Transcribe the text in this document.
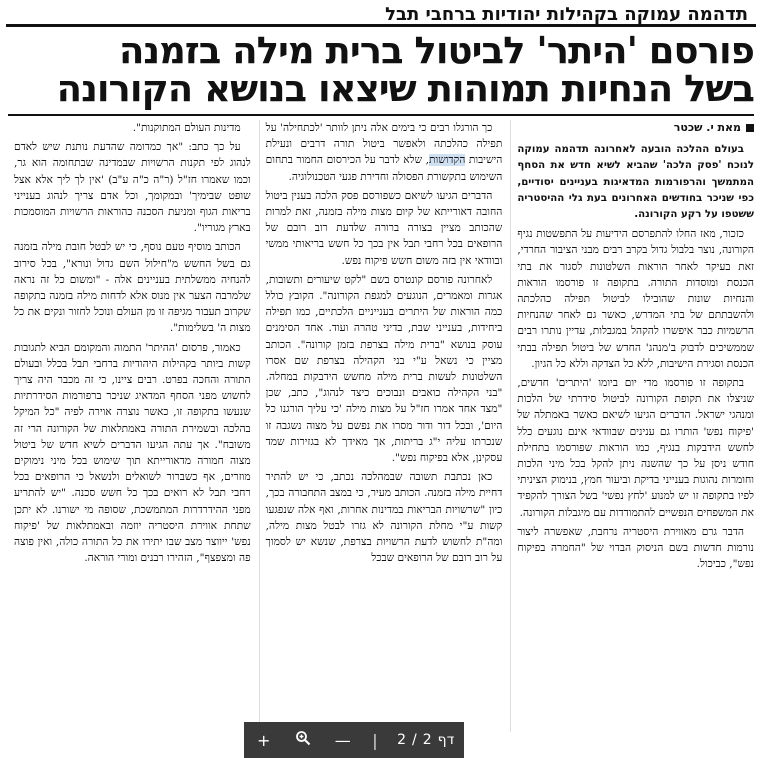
תדהמה עמוקה בקהילות יהודיות ברחבי תבל
פורסם 'היתר' לביטול ברית מילה בזמנה
בשל הנחיות תמוהות שיצאו בנושא הקורונה
מאת י. שכטר

בעולם ההלכה הובעה לאחרונה תדהמה עמוקה לנוכח 'פסק הלכה' שהביא לשיא חדש את הסחף המתמשך והרפורמות המדאיגות בעניינים יסודיים, כפי שניכר בחודשים האחרונים בעת גלי ההיסטריה ששטפו על רקע הקורונה.

כזכור, מאז החלו להתפרסם הידיעות על התפשטות נגיף הקורונה, נוצר בלבול גדול בקרב רבים מבני הציבור החרדי, זאת בעיקר לאחר הוראות השלטונות לסגור את בתי הכנסת ומוסדות התורה. בתקופה זו פורסמו הוראות והנחיות שונות שהובילו לביטול תפילה כהלכתה ולהשבתתם של בתי המדרש, כאשר גם לאחר שהנחיות הרשמיות כבר איפשרו להקהל במגבלות, עדיין נותרו רבים שממשיכים לדבוק ב'מנהג' החדש של ביטול תפילה בבתי הכנסת וסגירת הישיבות, ללא כל הצדקה וללא כל הגיון.

בתקופה זו פורסמו מדי יום ביומו 'היתרים' חדשים, שניצלו את תקופת הקורונה לביטול סידרתי של הלכות ומנהגי ישראל. הדברים הגיעו לשיאם כאשר באמתלה של 'פיקוח נפש' הותרו גם ענינים שבוודאי אינם נוגעים כלל לחשש הידבקות בנגיף, כמו הוראות שפורסמו בתחילת חודש ניסן על כך שהשנה ניתן להקל בכל מיני הלכות וחומרות נהוגות בענייני בדיקת וביעור חמץ, בנימוק הציניתי לפיו בתקופה זו יש למנוע 'לחץ נפשי' בשל הצורך להקפיד את המשפחים הנפשיים להתמודדות עם מיגבלות הקורונה.

הדבר גרם מאווירת היסטריה נרחבת, שאפשרה ליצור נורמות חדשות בשם הניסוק הבדוי של "החמרה בפיקוח נפש", כביכול.

כך הורגלו רבים כי בימים אלה ניתן לוותר 'לכתחילה' על תפילה כהלכתה ולאפשר ביטול תורה דרבים ונעילת הישיבות הקדושות, שלא לדבר על הכירסום החמור בתחום השימוש בתקשורת הפסולה וחדירת פגעי הטכנולוגיה.

הדברים הגיעו לשיאם כשפורסם פסק הלכה בענין ביטול החובה דאורייתא של קיום מצות מילה בזמנה, זאת למרות שהכותב מציין בצורה ברורה שלדעת רוב רובם של הרופאים בכל רחבי תבל אין בכך כל חשש בריאותי ממשי ובוודאי אין בזה משום חשש פיקוח נפש.

לאחרונה פורסם קונטרס בשם "לקט שיעורים ותשובות, אגרות ומאמרים, הנוגעים למגפת הקורונה". הקובץ כולל כמה הוראות של היתרים בענייניים הלכתיים, כמו תפילה ביחידות, בענייני שבת, בדיני טהרה ועוד. אחד הסימנים עוסק בנושא "ברית מילה בצרפת בזמן קורונה". הכותב מציין כי נשאל ע"י בני הקהילה בצרפת שם אסרו השלטונות לעשות ברית מילה מחשש הידבקות במחלה. "בני הקהילה כואבים ונבוכים כיצד לנהוג", כתב, שכן "מצד אחד אמרו חז"ל על מצות מילה 'כי עליך הורגנו כל היום', ובכל דור ודור מסרו את נפשם על מצוה נשגבה זו שנכרתו עליה י"ג בריתות, אך מאידך לא בגזירות שמד עסקינן, אלא בפיקוח נפש".

כאן נכתבת תשובה שבמהלכה נכתב, כי יש להתיר דחיית מילה בזמנה. הכותב מעיר, כי במצב התחבורה בכך, כיון "שרשויות הבריאות במדינות אחרות, ואף אלה שנפגעו קשות ע"י מחלת הקורונה לא גזרו לבטל מצות מילה, ומה"ת לחשוש לדעת הרשויות בצרפת, שנשא יש לסמוך על רוב רובם של הרופאים שבכל

מדינות העולם המתוקנות".

על כך כתב: "אך כמדומה שהדעת נותנת שיש לאדם לנהוג לפי תקנות הרשויות שבמדינה שבתחומה הוא גר, וכמו שאמרו חז"ל (ר"ה כ"ה ע"ב) 'אין לך ליך אלא אצל שופט שבימיך' ובמקומך, וכל אדם צריך לנהוג בענייני בריאות הגוף ומניעת הסכנה כהוראות הרשויות המוסמכות בארץ מגוריו".

הכותב מוסיף טעם נוסף, כי יש לבטל חובת מילה בזמנה גם בשל החשש מ"חילול השם גדול ונורא", בכל סירוב להנחיה ממשלתית בעניינים אלה - "ומשום כל זה נראה שלמרבה הצער אין מנוס אלא לדחות מילה בזמנה בתקופה שקרוב תעבור מגיפה זו מן העולם ונוכל לחזור ונקים את כל מצות ה' בשלימות".

כאמור, פרסום 'ההיתר' התמוה והמקומם הביא לתגובות קשות ביותר בקהילות היהודיות ברחבי תבל בכלל ובעולם התורה והחכה בפרט. רבים ציינו, כי זה מכבר היה צריך לחשוש מפני הסחף המדאיג שניכר ברפורמות הסידרתיות שנעשו בתקופה זו, כאשר נוצרה אוירה לפיה "כל המיקל בהלכה ובשמירת התורה באמתלאות של הקורונה הרי זה משובח". אך עתה הגיעו הדברים לשיא חדש של ביטול מצוה חמורה מדאורייתא תוך שימוש בכל מיני נימוקים מוזרים, אף כשברור לשואלים ולנשאל כי הרופאים בכל רחבי תבל לא רואים בכך כל חשש סכנה. "יש להתריע מפני ההידרדרות המתמשכת, שסופה מי ישורנו. לא יתכן שתחת אווירת היסטריה יוזמה ובאמתלאות של 'פיקוח נפש' ייווצר מצב שבו יתירו את כל התורה כולה, ואין פוצה פה ומצפצף", הזהירו רבנים ומורי הוראה.

+	— | 2 / 2 דף
